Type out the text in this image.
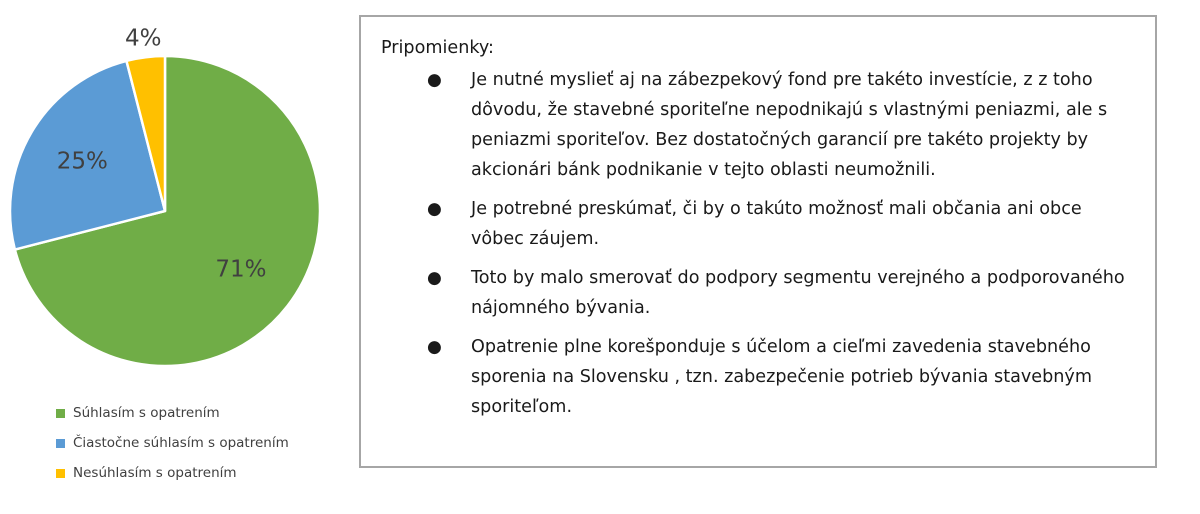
71%
25%
4%
Súhlasím s opatrením
Čiastočne súhlasím s opatrením
Nesúhlasím s opatrením
Pripomienky:
● Je nutné myslieť aj na zábezpekový fond pre takéto investície, z z toho dôvodu, že stavebné sporiteľne nepodnikajú s vlastnými peniazmi, ale s peniazmi sporiteľov. Bez dostatočných garancií pre takéto projekty by akcionári bánk podnikanie v tejto oblasti neumožnili.
● Je potrebné preskúmať, či by o takúto možnosť mali občania ani obce vôbec záujem.
● Toto by malo smerovať do podpory segmentu verejného a podporovaného nájomného bývania.
● Opatrenie plne korešponduje s účelom a cieľmi zavedenia stavebného sporenia na Slovensku , tzn. zabezpečenie potrieb bývania stavebným sporiteľom.
